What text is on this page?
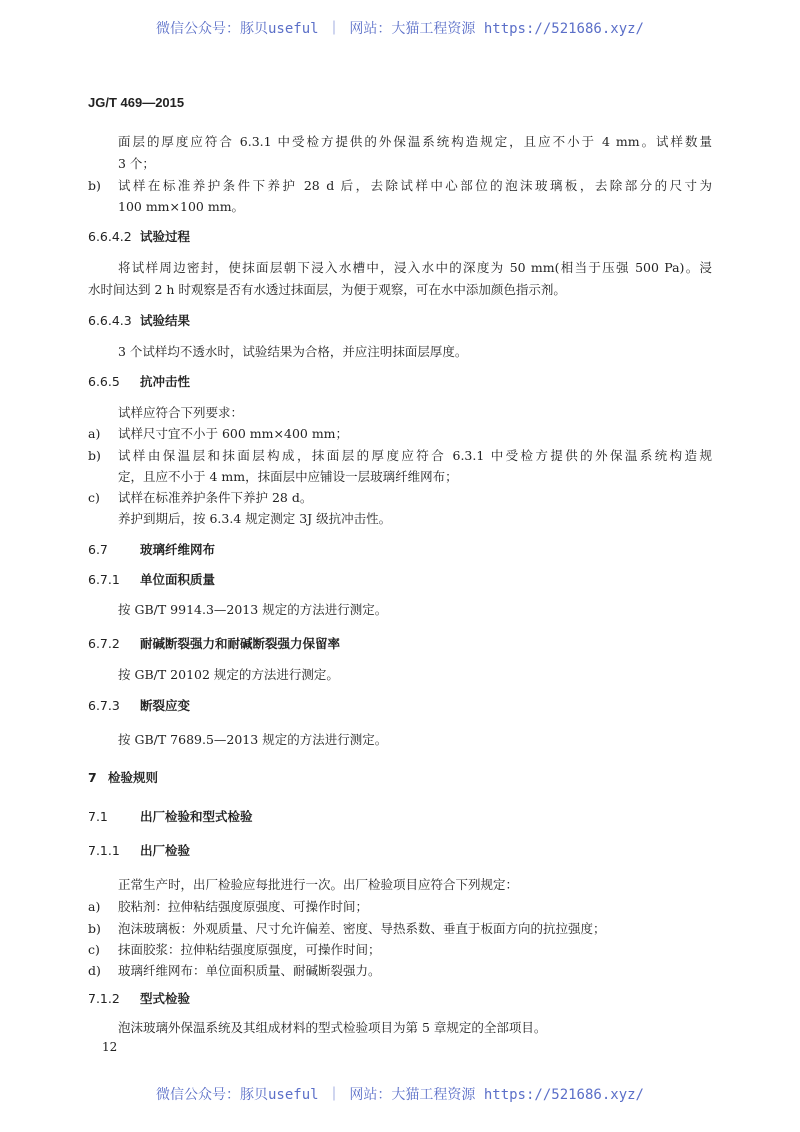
微信公众号：豚贝useful ｜ 网站：大猫工程资源 https://521686.xyz/
JG/T 469—2015
面层的厚度应符合 6.3.1 中受检方提供的外保温系统构造规定，且应不小于 4 mm。试样数量
3 个；
b) 试样在标准养护条件下养护 28 d 后，去除试样中心部位的泡沫玻璃板，去除部分的尺寸为
100 mm×100 mm。
6.6.4.2 试验过程
将试样周边密封，使抹面层朝下浸入水槽中，浸入水中的深度为 50 mm(相当于压强 500 Pa)。浸
水时间达到 2 h 时观察是否有水透过抹面层，为便于观察，可在水中添加颜色指示剂。
6.6.4.3 试验结果
3 个试样均不透水时，试验结果为合格，并应注明抹面层厚度。
6.6.5 抗冲击性
试样应符合下列要求：
a) 试样尺寸宜不小于 600 mm×400 mm；
b) 试样由保温层和抹面层构成，抹面层的厚度应符合 6.3.1 中受检方提供的外保温系统构造规
定，且应不小于 4 mm，抹面层中应铺设一层玻璃纤维网布；
c) 试样在标准养护条件下养护 28 d。
养护到期后，按 6.3.4 规定测定 3J 级抗冲击性。
6.7	玻璃纤维网布
6.7.1 单位面积质量
按 GB/T 9914.3—2013 规定的方法进行测定。
6.7.2 耐碱断裂强力和耐碱断裂强力保留率
按 GB/T 20102 规定的方法进行测定。
6.7.3 断裂应变
按 GB/T 7689.5—2013 规定的方法进行测定。
7 检验规则
7.1	出厂检验和型式检验
7.1.1 出厂检验
正常生产时，出厂检验应每批进行一次。出厂检验项目应符合下列规定：
a) 胶粘剂：拉伸粘结强度原强度、可操作时间；
b) 泡沫玻璃板：外观质量、尺寸允许偏差、密度、导热系数、垂直于板面方向的抗拉强度；
c) 抹面胶浆：拉伸粘结强度原强度，可操作时间；
d) 玻璃纤维网布：单位面积质量、耐碱断裂强力。
7.1.2 型式检验
泡沫玻璃外保温系统及其组成材料的型式检验项目为第 5 章规定的全部项目。
12
微信公众号：豚贝useful ｜ 网站：大猫工程资源 https://521686.xyz/
